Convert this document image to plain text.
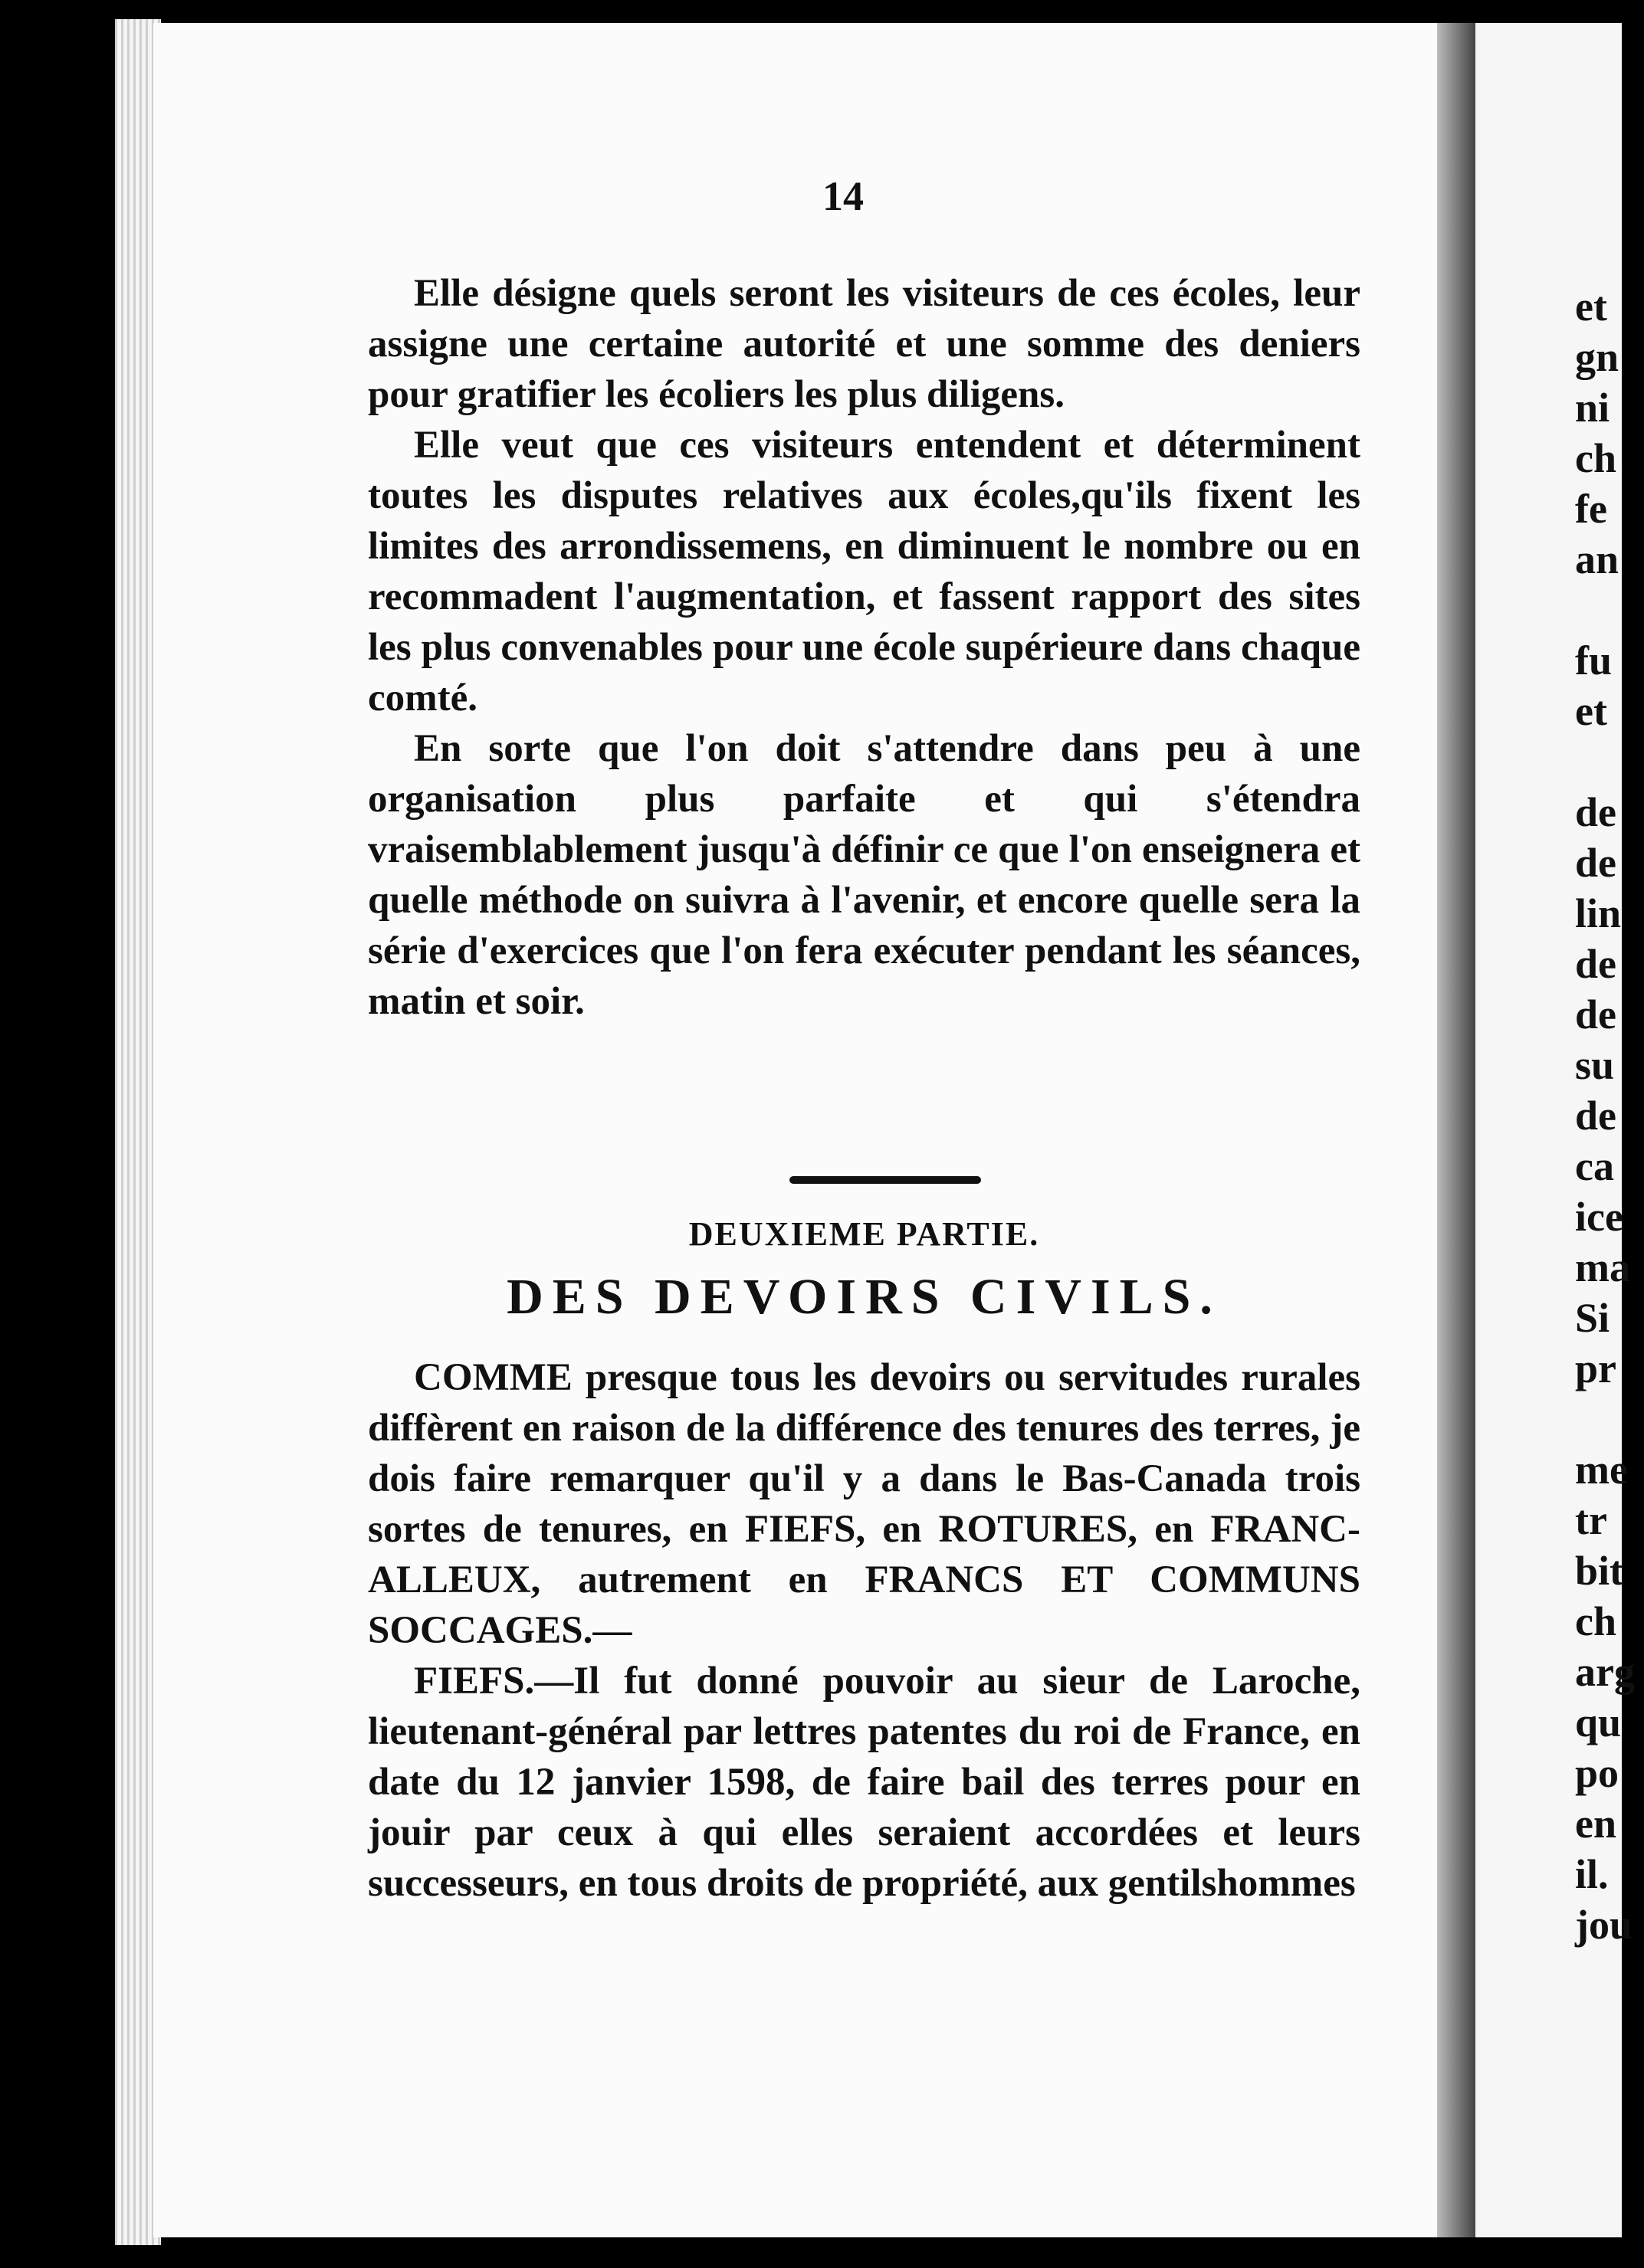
et
gn
ni
ch
fe
an
fu
et
de
de
lin
de
de
su
de
ca
ice
ma
Si
pr
me
tr
bit
ch
arg
qu
po
en
il.
jou
14

Elle désigne quels seront les visiteurs de ces écoles, leur assigne une certaine autorité et une somme des deniers pour gratifier les écoliers les plus diligens.

Elle veut que ces visiteurs entendent et déterminent toutes les disputes relatives aux écoles,qu'ils fixent les limites des arrondissemens, en diminuent le nombre ou en recommadent l'augmentation, et fassent rapport des sites les plus convenables pour une école supérieure dans chaque comté.

En sorte que l'on doit s'attendre dans peu à une organisation plus parfaite et qui s'étendra vraisemblablement jusqu'à définir ce que l'on enseignera et quelle méthode on suivra à l'avenir, et encore quelle sera la série d'exercices que l'on fera exécuter pendant les séances, matin et soir.

DEUXIEME PARTIE.
DES DEVOIRS CIVILS.

COMME presque tous les devoirs ou servitudes rurales diffèrent en raison de la différence des tenures des terres, je dois faire remarquer qu'il y a dans le Bas-Canada trois sortes de tenures, en FIEFS, en ROTURES, en FRANC-ALLEUX, autrement en FRANCS ET COMMUNS SOCCAGES.—

FIEFS.—Il fut donné pouvoir au sieur de Laroche, lieutenant-général par lettres patentes du roi de France, en date du 12 janvier 1598, de faire bail des terres pour en jouir par ceux à qui elles seraient accordées et leurs successeurs, en tous droits de propriété, aux gentilshommes
